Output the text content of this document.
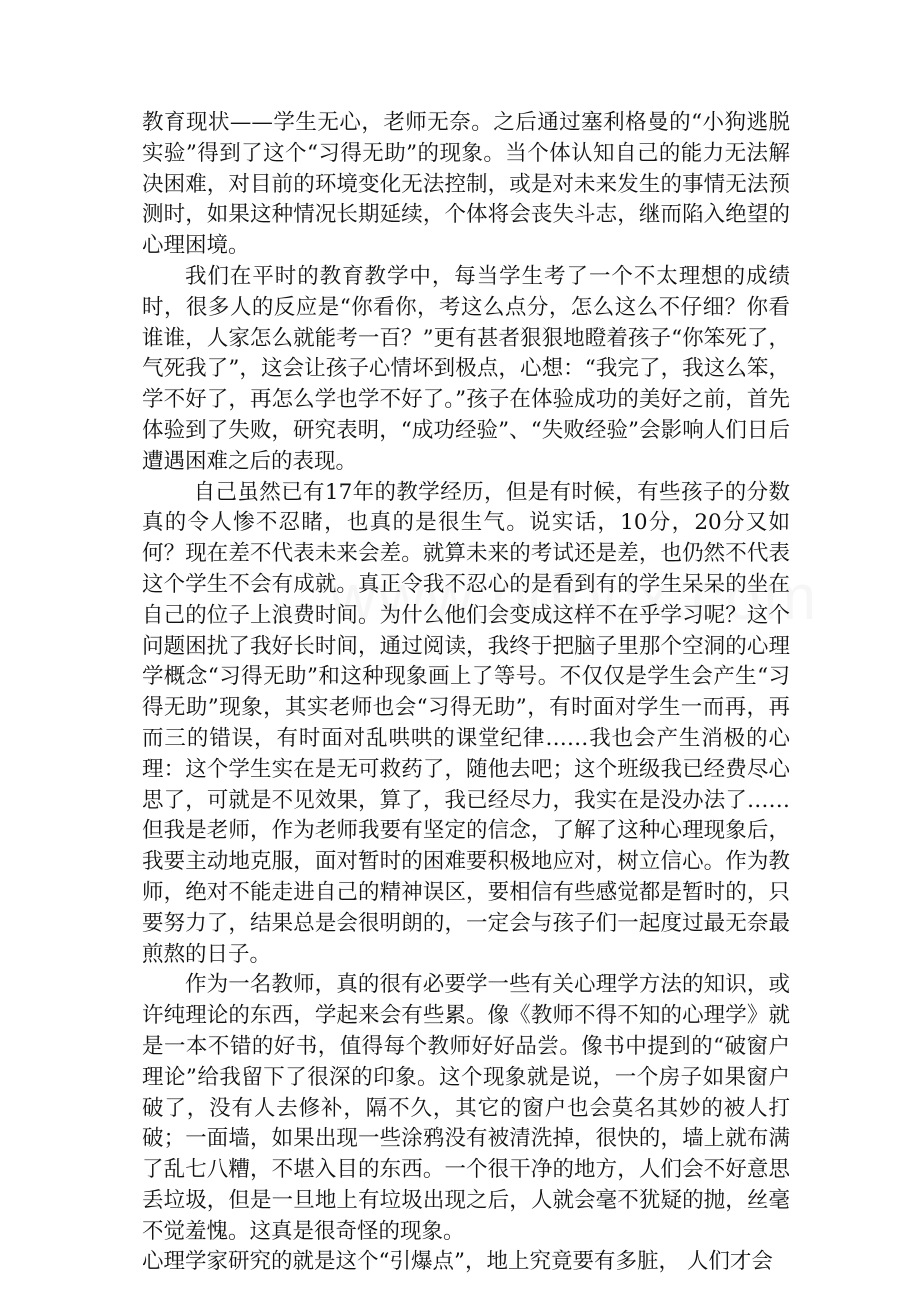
教育现状——学生无心，老师无奈。之后通过塞利格曼的“小狗逃脱实验”得到了这个“习得无助”的现象。当个体认知自己的能力无法解决困难，对目前的环境变化无法控制，或是对未来发生的事情无法预测时，如果这种情况长期延续，个体将会丧失斗志，继而陷入绝望的心理困境。

我们在平时的教育教学中，每当学生考了一个不太理想的成绩时，很多人的反应是“你看你，考这么点分，怎么这么不仔细？你看谁谁，人家怎么就能考一百？”更有甚者狠狠地瞪着孩子“你笨死了，气死我了”，这会让孩子心情坏到极点，心想：“我完了，我这么笨，学不好了，再怎么学也学不好了。”孩子在体验成功的美好之前，首先体验到了失败，研究表明，“成功经验”、“失败经验”会影响人们日后遭遇困难之后的表现。

自己虽然已有17年的教学经历，但是有时候，有些孩子的分数真的令人惨不忍睹，也真的是很生气。说实话，10分，20分又如何？现在差不代表未来会差。就算未来的考试还是差，也仍然不代表这个学生不会有成就。真正令我不忍心的是看到有的学生呆呆的坐在自己的位子上浪费时间。为什么他们会变成这样不在乎学习呢？这个问题困扰了我好长时间，通过阅读，我终于把脑子里那个空洞的心理学概念“习得无助”和这种现象画上了等号。不仅仅是学生会产生“习得无助”现象，其实老师也会“习得无助”，有时面对学生一而再，再而三的错误，有时面对乱哄哄的课堂纪律……我也会产生消极的心理：这个学生实在是无可救药了，随他去吧；这个班级我已经费尽心思了，可就是不见效果，算了，我已经尽力，我实在是没办法了……但我是老师，作为老师我要有坚定的信念，了解了这种心理现象后，我要主动地克服，面对暂时的困难要积极地应对，树立信心。作为教师，绝对不能走进自己的精神误区，要相信有些感觉都是暂时的，只要努力了，结果总是会很明朗的，一定会与孩子们一起度过最无奈最煎熬的日子。

作为一名教师，真的很有必要学一些有关心理学方法的知识，或许纯理论的东西，学起来会有些累。像《教师不得不知的心理学》就是一本不错的好书，值得每个教师好好品尝。像书中提到的“破窗户理论”给我留下了很深的印象。这个现象就是说，一个房子如果窗户破了，没有人去修补，隔不久，其它的窗户也会莫名其妙的被人打破；一面墙，如果出现一些涂鸦没有被清洗掉，很快的，墙上就布满了乱七八糟，不堪入目的东西。一个很干净的地方，人们会不好意思丢垃圾，但是一旦地上有垃圾出现之后，人就会毫不犹疑的抛，丝毫不觉羞愧。这真是很奇怪的现象。

心理学家研究的就是这个“引爆点”，地上究竟要有多脏， 人们才会
